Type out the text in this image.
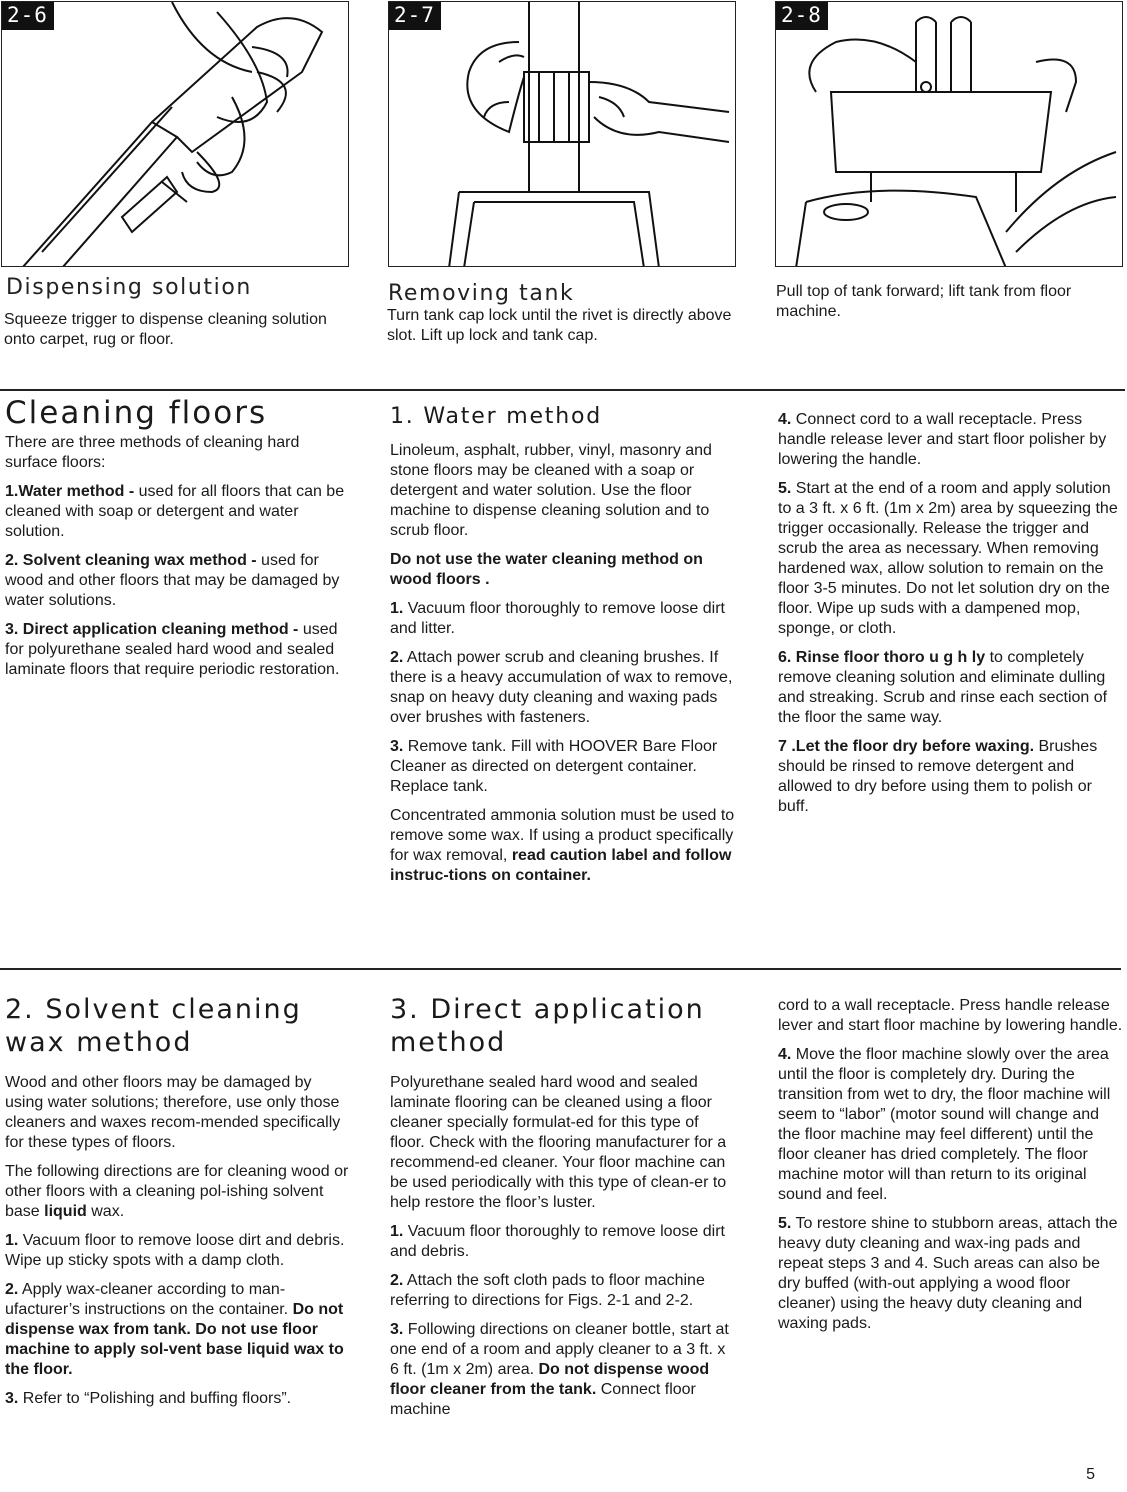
2-6	2-7	2-8
Dispensing solution
Squeeze trigger to dispense cleaning solution onto carpet, rug or floor.
Removing tank
Turn tank cap lock until the rivet is directly above slot. Lift up lock and tank cap.
Pull top of tank forward; lift tank from floor machine.
Cleaning floors

There are three methods of cleaning hard surface floors:

1.Water method - used for all floors that can be cleaned with soap or detergent and water solution.

2. Solvent cleaning wax method - used for wood and other floors that may be damaged by water solutions.

3. Direct application cleaning method - used for polyurethane sealed hard wood and sealed laminate floors that require periodic restoration.

1. Water method

Linoleum, asphalt, rubber, vinyl, masonry and stone floors may be cleaned with a soap or detergent and water solution. Use the floor machine to dispense cleaning solution and to scrub floor.

Do not use the water cleaning method on wood floors .

1. Vacuum floor thoroughly to remove loose dirt and litter.

2. Attach power scrub and cleaning brushes. If there is a heavy accumulation of wax to remove, snap on heavy duty cleaning and waxing pads over brushes with fasteners.

3. Remove tank. Fill with HOOVER Bare Floor Cleaner as directed on detergent container. Replace tank.

Concentrated ammonia solution must be used to remove some wax. If using a product specifically for wax removal, read caution label and follow instruc-tions on container.

4. Connect cord to a wall receptacle. Press handle release lever and start floor polisher by lowering the handle.

5. Start at the end of a room and apply solution to a 3 ft. x 6 ft. (1m x 2m) area by squeezing the trigger occasionally. Release the trigger and scrub the area as necessary. When removing hardened wax, allow solution to remain on the floor 3-5 minutes. Do not let solution dry on the floor. Wipe up suds with a dampened mop, sponge, or cloth.

6. Rinse floor thoro u g h ly to completely remove cleaning solution and eliminate dulling and streaking. Scrub and rinse each section of the floor the same way.

7 .Let the floor dry before waxing. Brushes should be rinsed to remove detergent and allowed to dry before using them to polish or buff.

2. Solvent cleaning wax method

Wood and other floors may be damaged by using water solutions; therefore, use only those cleaners and waxes recom-mended specifically for these types of floors.

The following directions are for cleaning wood or other floors with a cleaning pol-ishing solvent base liquid wax.

1. Vacuum floor to remove loose dirt and debris. Wipe up sticky spots with a damp cloth.

2. Apply wax-cleaner according to man-ufacturer’s instructions on the container. Do not dispense wax from tank. Do not use floor machine to apply sol-vent base liquid wax to the floor.

3. Refer to “Polishing and buffing floors”.

3. Direct application method

Polyurethane sealed hard wood and sealed laminate flooring can be cleaned using a floor cleaner specially formulat-ed for this type of floor. Check with the flooring manufacturer for a recommend-ed cleaner. Your floor machine can be used periodically with this type of clean-er to help restore the floor’s luster.

1. Vacuum floor thoroughly to remove loose dirt and debris.

2. Attach the soft cloth pads to floor machine referring to directions for Figs. 2-1 and 2-2.

3. Following directions on cleaner bottle, start at one end of a room and apply cleaner to a 3 ft. x 6 ft. (1m x 2m) area. Do not dispense wood floor cleaner from the tank. Connect floor machine

cord to a wall receptacle. Press handle release lever and start floor machine by lowering handle.

4. Move the floor machine slowly over the area until the floor is completely dry. During the transition from wet to dry, the floor machine will seem to “labor” (motor sound will change and the floor machine may feel different) until the floor cleaner has dried completely. The floor machine motor will than return to its original sound and feel.

5. To restore shine to stubborn areas, attach the heavy duty cleaning and wax-ing pads and repeat steps 3 and 4. Such areas can also be dry buffed (with-out applying a wood floor cleaner) using the heavy duty cleaning and waxing pads.

5
